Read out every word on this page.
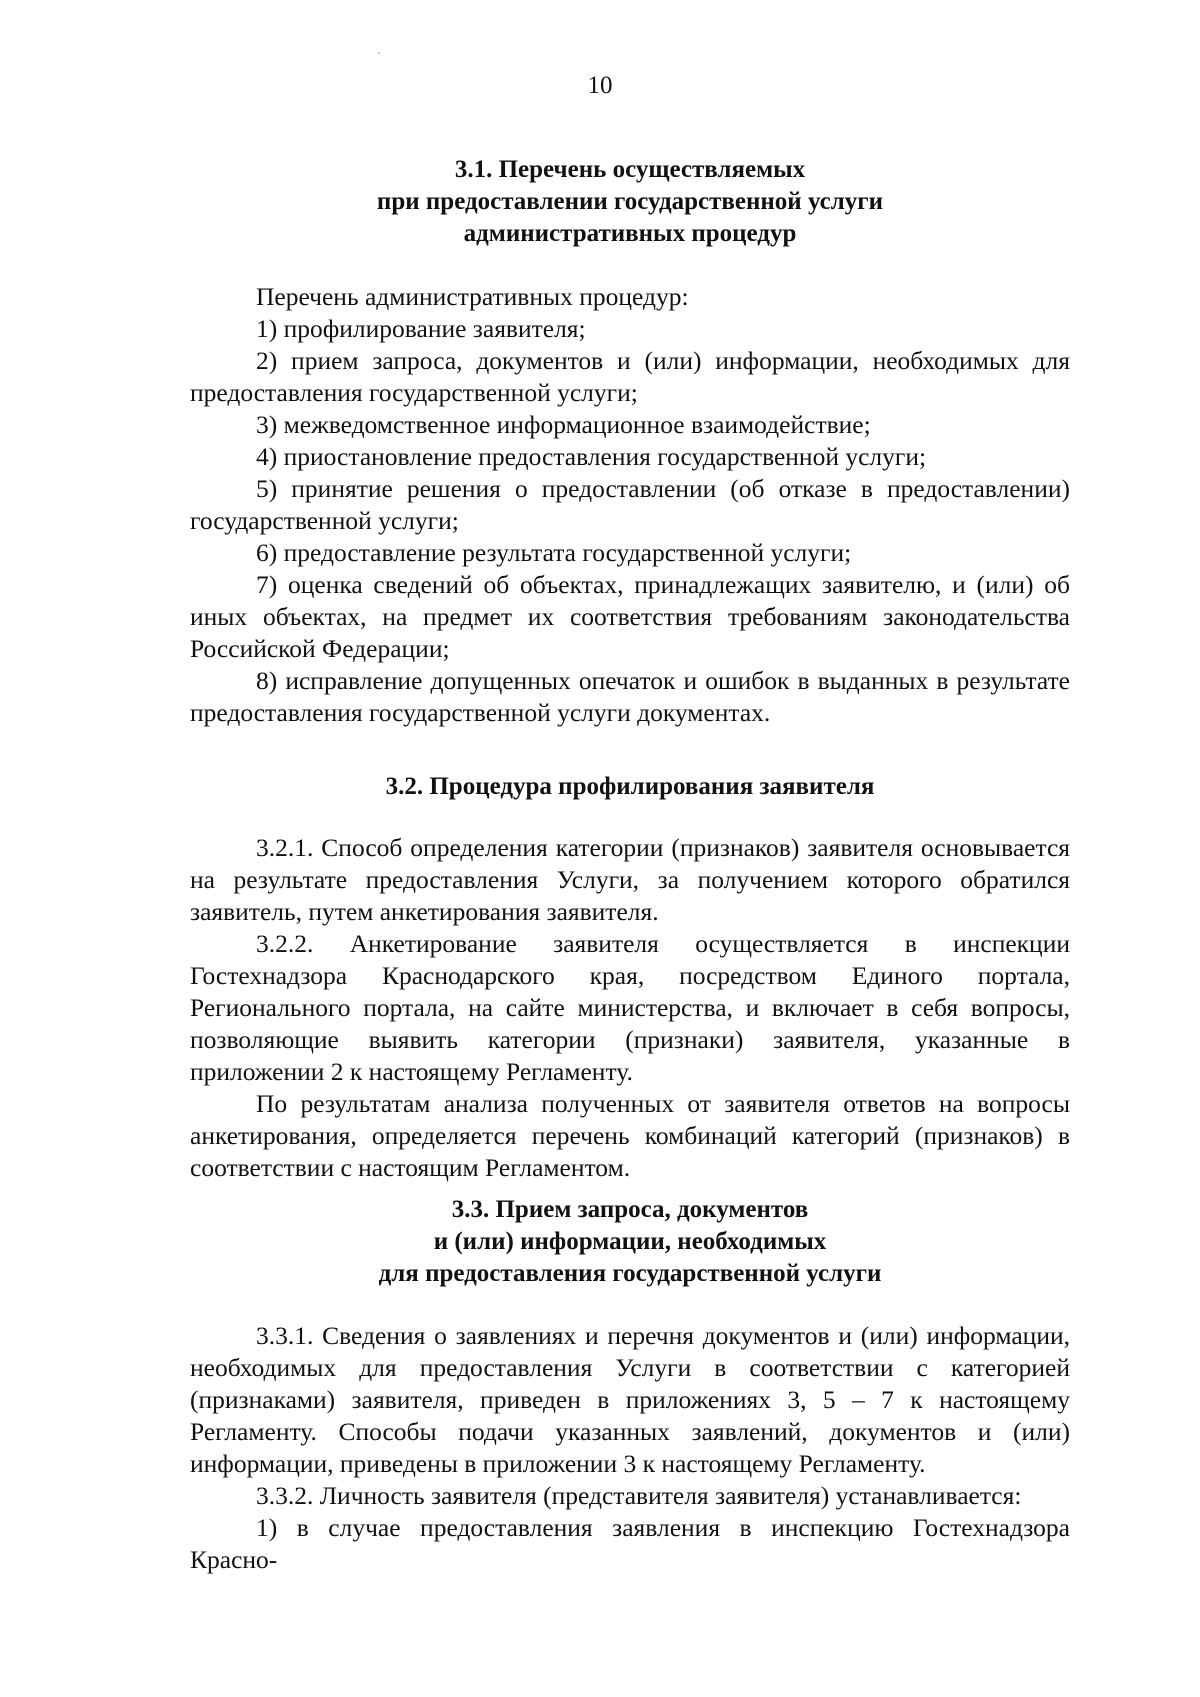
10
3.1. Перечень осуществляемых
при предоставлении государственной услуги
административных процедур

Перечень административных процедур:

1) профилирование заявителя;

2) прием запроса, документов и (или) информации, необходимых для предоставления государственной услуги;

3) межведомственное информационное взаимодействие;

4) приостановление предоставления государственной услуги;

5) принятие решения о предоставлении (об отказе в предоставлении) государственной услуги;

6) предоставление результата государственной услуги;

7) оценка сведений об объектах, принадлежащих заявителю, и (или) об иных объектах, на предмет их соответствия требованиям законодательства Российской Федерации;

8) исправление допущенных опечаток и ошибок в выданных в результате предоставления государственной услуги документах.

3.2. Процедура профилирования заявителя

3.2.1. Способ определения категории (признаков) заявителя основывается на результате предоставления Услуги, за получением которого обратился заявитель, путем анкетирования заявителя.

3.2.2. Анкетирование заявителя осуществляется в инспекции Гостехнадзора Краснодарского края, посредством Единого портала, Регионального портала, на сайте министерства, и включает в себя вопросы, позволяющие выявить категории (признаки) заявителя, указанные в приложении 2 к настоящему Регламенту.

По результатам анализа полученных от заявителя ответов на вопросы анкетирования, определяется перечень комбинаций категорий (признаков) в соответствии с настоящим Регламентом.

3.3. Прием запроса, документов
и (или) информации, необходимых
для предоставления государственной услуги

3.3.1. Сведения о заявлениях и перечня документов и (или) информации, необходимых для предоставления Услуги в соответствии с категорией (признаками) заявителя, приведен в приложениях 3, 5 – 7 к настоящему Регламенту. Способы подачи указанных заявлений, документов и (или) информации, приведены в приложении 3 к настоящему Регламенту.

3.3.2. Личность заявителя (представителя заявителя) устанавливается:

1) в случае предоставления заявления в инспекцию Гостехнадзора Красно-
